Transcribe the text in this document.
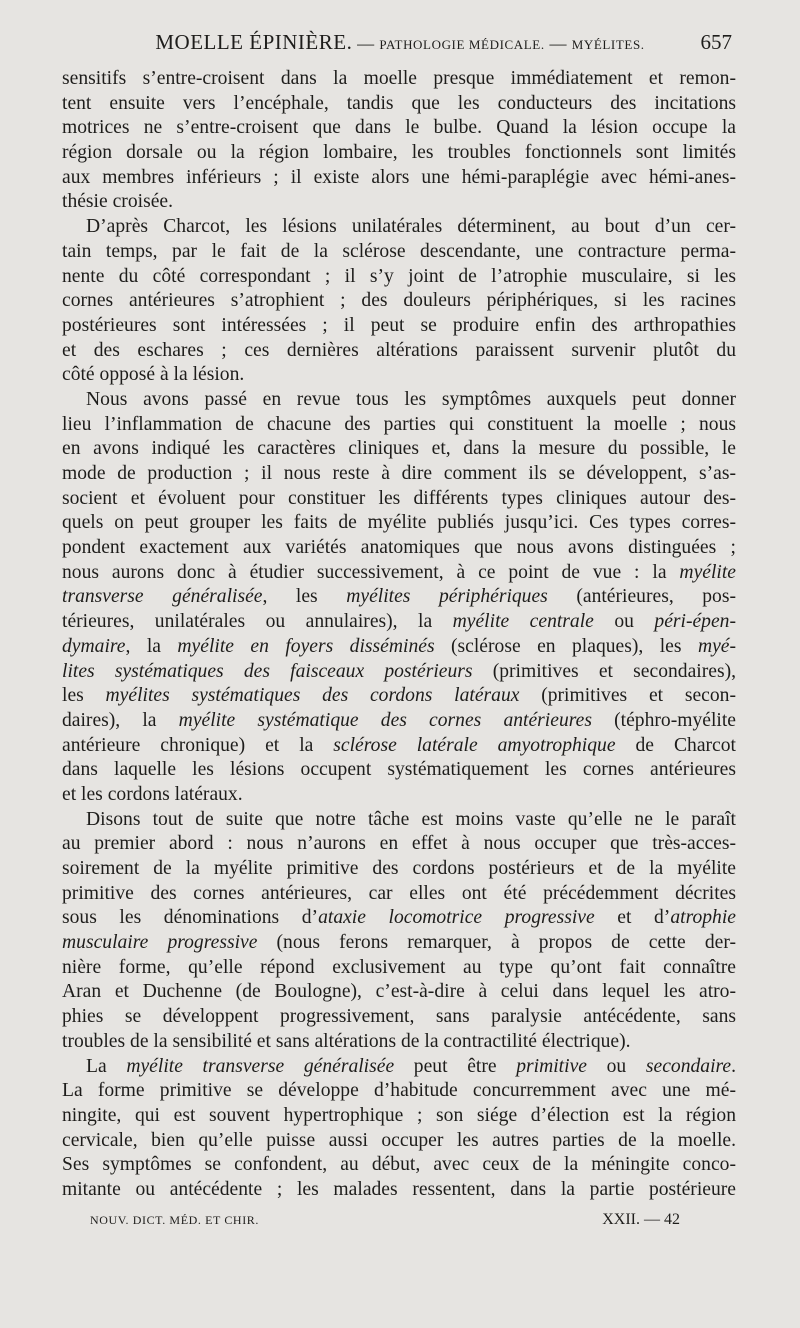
MOELLE ÉPINIÈRE. — PATHOLOGIE MÉDICALE. — MYÉLITES.	657
sensitifs s’entre-croisent dans la moelle presque immédiatement et remon-
tent ensuite vers l’encéphale, tandis que les conducteurs des incitations
motrices ne s’entre-croisent que dans le bulbe. Quand la lésion occupe la
région dorsale ou la région lombaire, les troubles fonctionnels sont limités
aux membres inférieurs ; il existe alors une hémi-paraplégie avec hémi-anes-
thésie croisée.
D’après Charcot, les lésions unilatérales déterminent, au bout d’un cer-
tain temps, par le fait de la sclérose descendante, une contracture perma-
nente du côté correspondant ; il s’y joint de l’atrophie musculaire, si les
cornes antérieures s’atrophient ; des douleurs périphériques, si les racines
postérieures sont intéressées ; il peut se produire enfin des arthropathies
et des eschares ; ces dernières altérations paraissent survenir plutôt du
côté opposé à la lésion.
Nous avons passé en revue tous les symptômes auxquels peut donner
lieu l’inflammation de chacune des parties qui constituent la moelle ; nous
en avons indiqué les caractères cliniques et, dans la mesure du possible, le
mode de production ; il nous reste à dire comment ils se développent, s’as-
socient et évoluent pour constituer les différents types cliniques autour des-
quels on peut grouper les faits de myélite publiés jusqu’ici. Ces types corres-
pondent exactement aux variétés anatomiques que nous avons distinguées ;
nous aurons donc à étudier successivement, à ce point de vue : la myélite
transverse généralisée, les myélites périphériques (antérieures, pos-
térieures, unilatérales ou annulaires), la myélite centrale ou péri-épen-
dymaire, la myélite en foyers disséminés (sclérose en plaques), les myé-
lites systématiques des faisceaux postérieurs (primitives et secondaires),
les myélites systématiques des cordons latéraux (primitives et secon-
daires), la myélite systématique des cornes antérieures (téphro-myélite
antérieure chronique) et la sclérose latérale amyotrophique de Charcot
dans laquelle les lésions occupent systématiquement les cornes antérieures
et les cordons latéraux.
Disons tout de suite que notre tâche est moins vaste qu’elle ne le paraît
au premier abord : nous n’aurons en effet à nous occuper que très-acces-
soirement de la myélite primitive des cordons postérieurs et de la myélite
primitive des cornes antérieures, car elles ont été précédemment décrites
sous les dénominations d’ataxie locomotrice progressive et d’atrophie
musculaire progressive (nous ferons remarquer, à propos de cette der-
nière forme, qu’elle répond exclusivement au type qu’ont fait connaître
Aran et Duchenne (de Boulogne), c’est-à-dire à celui dans lequel les atro-
phies se développent progressivement, sans paralysie antécédente, sans
troubles de la sensibilité et sans altérations de la contractilité électrique).
La myélite transverse généralisée peut être primitive ou secondaire.
La forme primitive se développe d’habitude concurremment avec une mé-
ningite, qui est souvent hypertrophique ; son siége d’élection est la région
cervicale, bien qu’elle puisse aussi occuper les autres parties de la moelle.
Ses symptômes se confondent, au début, avec ceux de la méningite conco-
mitante ou antécédente ; les malades ressentent, dans la partie postérieure
NOUV. DICT. MÉD. ET CHIR.	XXII. — 42
